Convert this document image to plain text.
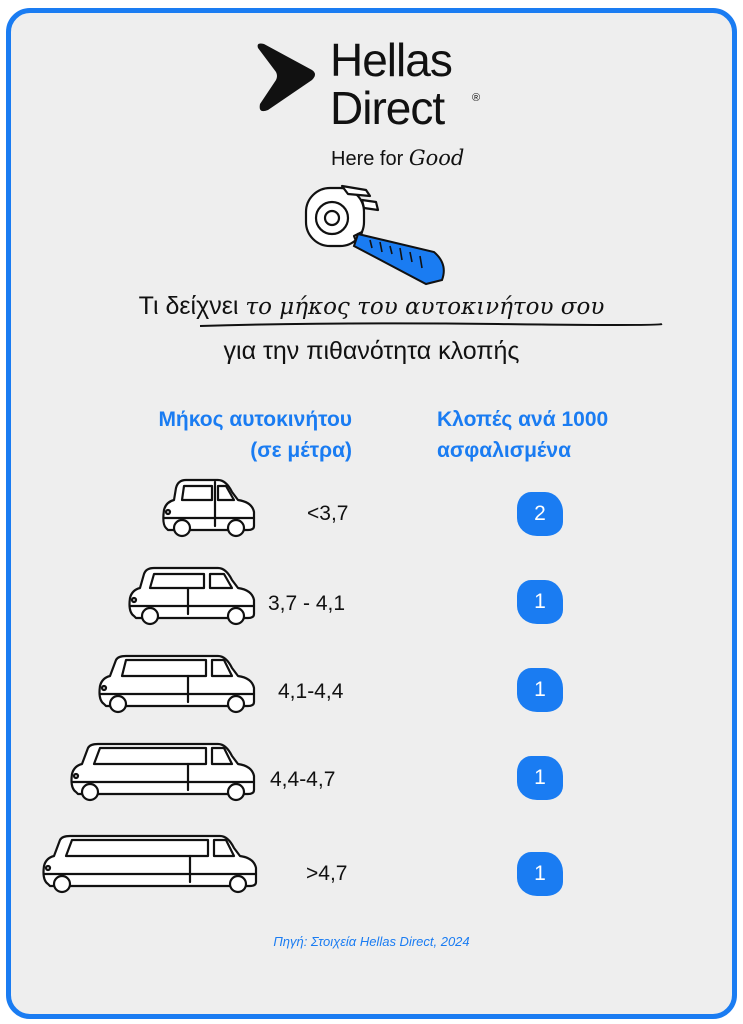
Hellas
Direct	®
Here for Good
Τι δείχνει το μήκος του αυτοκινήτου σου
για την πιθανότητα κλοπής
Μήκος αυτοκινήτου
(σε μέτρα)
Κλοπές ανά 1000
ασφαλισμένα
<3,7	2
3,7 - 4,1	1
4,1-4,4	1
4,4-4,7	1
>4,7	1
Πηγή: Στοιχεία Hellas Direct, 2024
